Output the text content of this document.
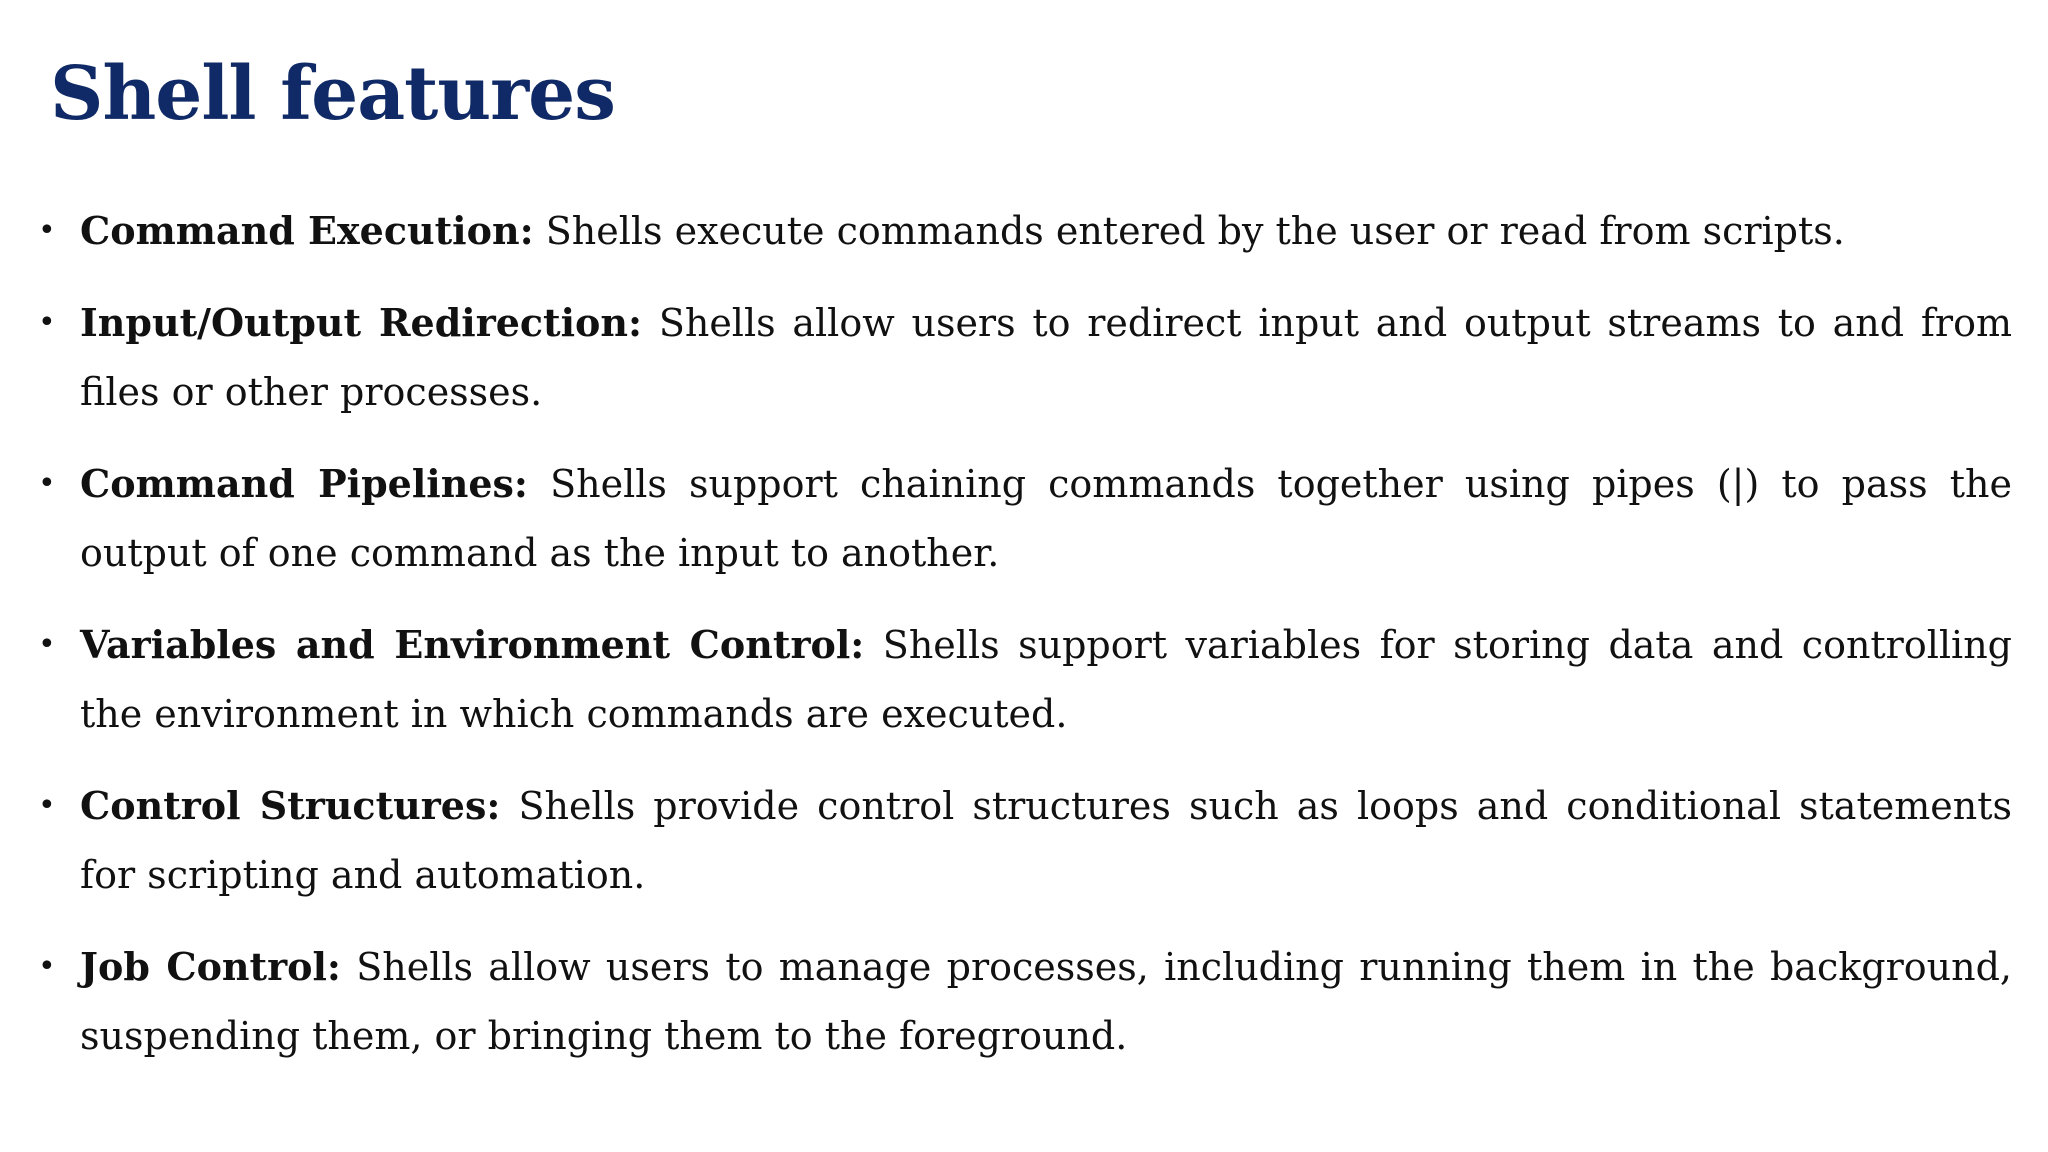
Shell features
• Command Execution: Shells execute commands entered by the user or read from scripts.
• Input/Output Redirection: Shells allow users to redirect input and output streams to and from files or other processes.
• Command Pipelines: Shells support chaining commands together using pipes (|) to pass the output of one command as the input to another.
• Variables and Environment Control: Shells support variables for storing data and controlling the environment in which commands are executed.
• Control Structures: Shells provide control structures such as loops and conditional statements for scripting and automation.
• Job Control: Shells allow users to manage processes, including running them in the background, suspending them, or bringing them to the foreground.
